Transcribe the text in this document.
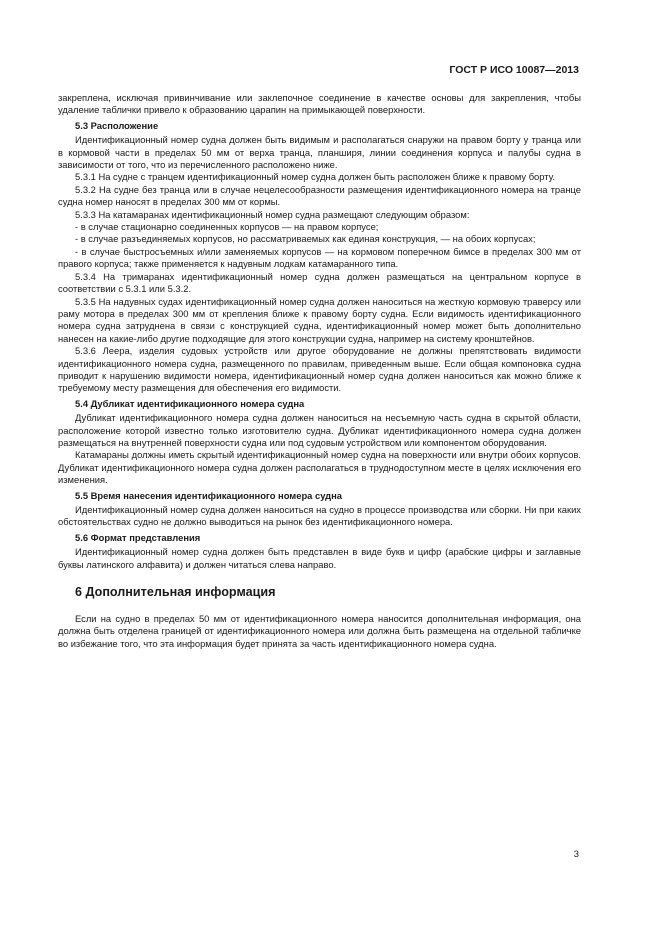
ГОСТ Р ИСО 10087—2013

закреплена, исключая привинчивание или заклепочное соединение в качестве основы для закрепления, чтобы удаление таблички привело к образованию царапин на примыкающей поверхности.

5.3 Расположение

Идентификационный номер судна должен быть видимым и располагаться снаружи на правом борту у транца или в кормовой части в пределах 50 мм от верха транца, планширя, линии соединения корпуса и палубы судна в зависимости от того, что из перечисленного расположено ниже.

5.3.1 На судне с транцем идентификационный номер судна должен быть расположен ближе к правому борту.

5.3.2 На судне без транца или в случае нецелесообразности размещения идентификационного номера на транце судна номер наносят в пределах 300 мм от кормы.

5.3.3 На катамаранах идентификационный номер судна размещают следующим образом:

- в случае стационарно соединенных корпусов — на правом корпусе;

- в случае разъединяемых корпусов, но рассматриваемых как единая конструкция, — на обоих корпусах;

- в случае быстросъемных и/или заменяемых корпусов — на кормовом поперечном бимсе в пределах 300 мм от правого корпуса; также применяется к надувным лодкам катамаранного типа.

5.3.4 На тримаранах идентификационный номер судна должен размещаться на центральном корпусе в соответствии с 5.3.1 или 5.3.2.

5.3.5 На надувных судах идентификационный номер судна должен наноситься на жесткую кормовую траверсу или раму мотора в пределах 300 мм от крепления ближе к правому борту судна. Если видимость идентификационного номера судна затруднена в связи с конструкцией судна, идентификационный номер может быть дополнительно нанесен на какие-либо другие подходящие для этого конструкции судна, например на систему кронштейнов.

5.3.6 Леера, изделия судовых устройств или другое оборудование не должны препятствовать видимости идентификационного номера судна, размещенного по правилам, приведенным выше. Если общая компоновка судна приводит к нарушению видимости номера, идентификационный номер судна должен наноситься как можно ближе к требуемому месту размещения для обеспечения его видимости.

5.4 Дубликат идентификационного номера судна

Дубликат идентификационного номера судна должен наноситься на несъемную часть судна в скрытой области, расположение которой известно только изготовителю судна. Дубликат идентификационного номера судна должен размещаться на внутренней поверхности судна или под судовым устройством или компонентом оборудования.

Катамараны должны иметь скрытый идентификационный номер судна на поверхности или внутри обоих корпусов. Дубликат идентификационного номера судна должен располагаться в труднодоступном месте в целях исключения его изменения.

5.5 Время нанесения идентификационного номера судна

Идентификационный номер судна должен наноситься на судно в процессе производства или сборки. Ни при каких обстоятельствах судно не должно выводиться на рынок без идентификационного номера.

5.6 Формат представления

Идентификационный номер судна должен быть представлен в виде букв и цифр (арабские цифры и заглавные буквы латинского алфавита) и должен читаться слева направо.

6 Дополнительная информация

Если на судно в пределах 50 мм от идентификационного номера наносится дополнительная информация, она должна быть отделена границей от идентификационного номера или должна быть размещена на отдельной табличке во избежание того, что эта информация будет принята за часть идентификационного номера судна.

3
